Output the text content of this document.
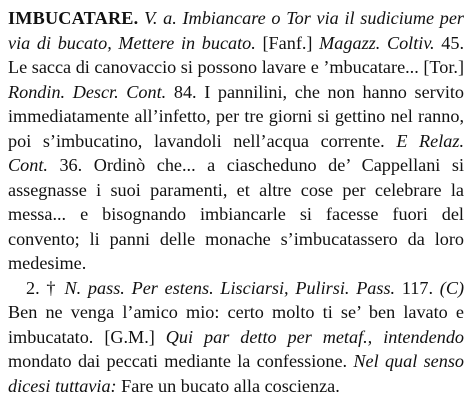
IMBUCATARE. V. a. Imbiancare o Tor via il sudiciume per via di bucato, Mettere in bucato. [Fanf.] Magazz. Coltiv. 45. Le sacca di canovaccio si possono lavare e ’mbucatare... [Tor.] Rondin. Descr. Cont. 84. I pannilini, che non hanno servito immediatamente all’infetto, per tre giorni si gettino nel ranno, poi s’imbucatino, lavandoli nell’acqua corrente. E Relaz. Cont. 36. Ordinò che... a ciascheduno de’ Cappellani si assegnasse i suoi paramenti, et altre cose per celebrare la messa... e bisognando imbiancarle si facesse fuori del convento; li panni delle monache s’imbucatassero da loro medesime.

2. † N. pass. Per estens. Lisciarsi, Pulirsi. Pass. 117. (C) Ben ne venga l’amico mio: certo molto ti se’ ben lavato e imbucatato. [G.M.] Qui par detto per metaf., intendendo mondato dai peccati mediante la confessione. Nel qual senso dicesi tuttavia: Fare un bucato alla coscienza.
